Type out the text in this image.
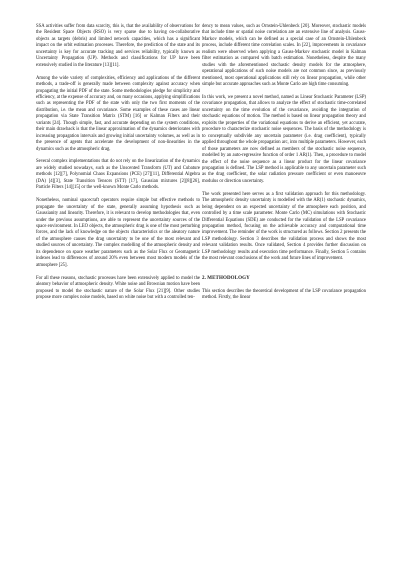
SSA activities suffer from data scarcity, this is, that the availability of observations for the Resident Space Objects (RSO) is very sparse due to having on-collaborative objects as targets (debris) and limited network capacities, which has a significant impact on the orbit estimation processes. Therefore, the prediction of the state and its uncertainty is key for accurate tracking and services reliability, typically known as Uncertainty Propagation (UP). Methods and classifications for UP have been extensively studied in the literature [13][11].

Among the wide variety of complexities, efficiency and applications of the different methods, a trade-off is generally made between complexity against accuracy when propagating the initial PDF of the state. Some methodologies pledge for simplicity and efficiency, at the expense of accuracy and, on many occasions, applying simplifications such as representing the PDF of the state with only the two first moments of the distribution, i.e. the mean and covariance. Some examples of these cases are linear propagation via State Transition Matrix (STM) [16] or Kalman Filters and their variants [24]. Though simple, fast, and accurate depending on the system conditions, their main drawback is that the linear approximation of the dynamics deteriorates with increasing propagation intervals and growing initial uncertainty volumes, as well as in the presence of agents that accelerate the development of non-linearities in the dynamics such as the atmospheric drag.

Several complex implementations that do not rely on the linearization of the dynamics are widely studied nowadays, such as the Unscented Transform (UT) and Cubature methods [12][7], Polynomial Chaos Expansions (PCE) [27][11], Differential Algebra (DA) [4][3], State Transition Tensors (STT) [17], Gaussian mixtures [2][8][26], Particle Filters [14][15] or the well-known Monte Carlo methods.

Nonetheless, nominal spacecraft operators require simple but effective methods to propagate the uncertainty of the state, generally assuming hypothesis such as Gaussianity and linearity. Therefore, it is relevant to develop methodologies that, even under the previous assumptions, are able to represent the uncertainty sources of the space environment. In LEO objects, the atmospheric drag is one of the most perturbing forces, and the lack of knowledge on the objects characteristics or the aleatory nature of the atmosphere causes the drag uncertainty to be one of the most relevant and studied sources of uncertainty. The complex modelling of the atmospheric density and its dependence on space weather parameters such as the Solar Flux or Geomagnetic indexes lead to differences of around 20% even between most modern models of the atmosphere [25].

For all these reasons, stochastic processes have been extensively applied to model the aleatory behavior of atmospheric density. White noise and Brownian motion have been proposed to model the stochastic nature of the Solar Flux [21][9]. Other studies propose more complex noise models, based on white noise but with a controlled ten-

dency to mean values, such as Ornstein-Uhlenbeck [20]. Moreover, stochastic models that include time or spatial noise correlation are an extensive line of analysis. Gauss-Markov models, which can be defined as a special case of an Ornstein-Uhlenbeck process, include different time correlation scales. In [22], improvements in covariance realism were observed when applying a Gauss-Markov stochastic model in Kalman filter estimation as compared with batch estimation. Nonetheless, despite the many studies with the aforementioned stochastic density models for the atmosphere, operational applications of such noise models are not common since, as previously mentioned, most operational applications still rely on linear propagation, while other simple but accurate approaches such as Monte Carlo are high time consuming.

In this work, we present a novel method, named as Linear Stochastic Parameter (LSP) covariance propagation, that allows to analyze the effect of stochastic time-correlated uncertainty on the time evolution of the covariance, avoiding the integration of stochastic equations of motion. The method is based on linear propagation theory and exploits the properties of the variational equations to derive an efficient, yet accurate, procedure to characterize stochastic noise sequences. The basis of the methodology is to conceptually subdivide any uncertain parameter (i.e. drag coefficient), typically applied throughout the whole propagation arc, into multiple parameters. However, each of those parameters are now defined as members of the stochastic noise sequence, modelled by an auto-regressive function of order 1 AR(1). Then, a procedure to model the effect of the noise sequence as a linear product for the linear covariance propagation is defined. The LSP method is applicable to any uncertain parameter such as the drag coefficient, the solar radiation pressure coefficient or even manoeuvre modulus or direction uncertainty.

The work presented here serves as a first validation approach for this methodology. The atmospheric density uncertainty is modelled with the AR(1) stochastic dynamics, being dependent on an expected uncertainty of the atmosphere each position, and controlled by a time scale parameter. Monte Carlo (MC) simulations with Stochastic Differential Equations (SDE) are conducted for the validation of the LSP covariance propagation method, focusing on the achievable accuracy and computational time improvement. The reminder of the work is structured as follows. Section 2 presents the LSP methodology. Section 3 describes the validation process and shows the most relevant validation results. Once validated, Section 4 provides further discussion on LSP methodology results and execution time performance. Finally, Section 5 contains the most relevant conclusions of the work and future lines of improvement.

2. METHODOLOGY

This section describes the theoretical development of the LSP covariance propagation method. Firstly, the linear
